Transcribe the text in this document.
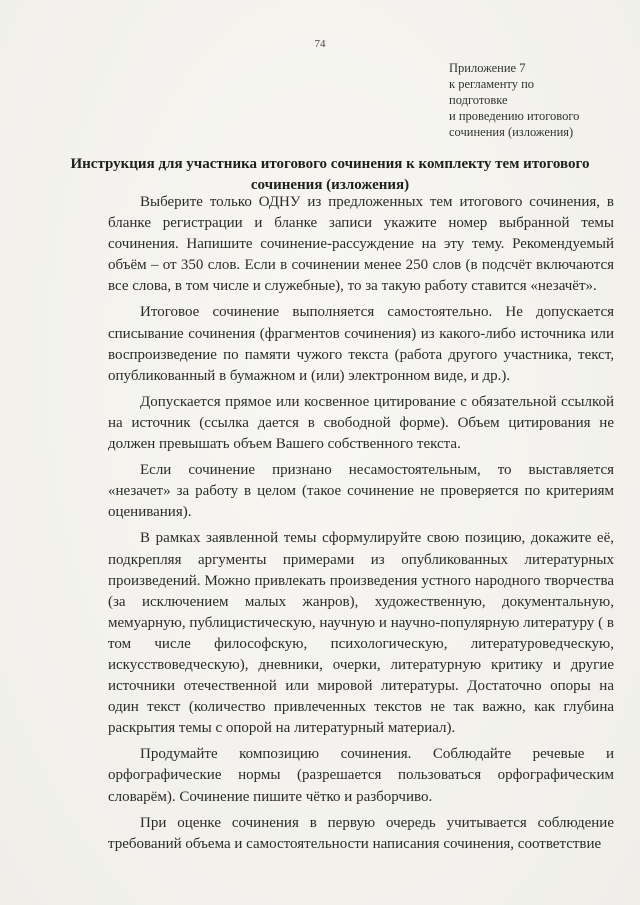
74
Приложение 7
к регламенту по
подготовке
и проведению итогового
сочинения (изложения)
Инструкция для участника итогового сочинения к комплекту тем итогового сочинения (изложения)

Выберите только ОДНУ из предложенных тем итогового сочинения, в бланке регистрации и бланке записи укажите номер выбранной темы сочинения. Напишите сочинение-рассуждение на эту тему. Рекомендуемый объём – от 350 слов. Если в сочинении менее 250 слов (в подсчёт включаются все слова, в том числе и служебные), то за такую работу ставится «незачёт».

Итоговое сочинение выполняется самостоятельно. Не допускается списывание сочинения (фрагментов сочинения) из какого-либо источника или воспроизведение по памяти чужого текста (работа другого участника, текст, опубликованный в бумажном и (или) электронном виде, и др.).

Допускается прямое или косвенное цитирование с обязательной ссылкой на источник (ссылка дается в свободной форме). Объем цитирования не должен превышать объем Вашего собственного текста.

Если сочинение признано несамостоятельным, то выставляется «незачет» за работу в целом (такое сочинение не проверяется по критериям оценивания).

В рамках заявленной темы сформулируйте свою позицию, докажите её, подкрепляя аргументы примерами из опубликованных литературных произведений. Можно привлекать произведения устного народного творчества (за исключением малых жанров), художественную, документальную, мемуарную, публицистическую, научную и научно-популярную литературу ( в том числе философскую, психологическую, литературоведческую, искусствоведческую), дневники, очерки, литературную критику и другие источники отечественной или мировой литературы. Достаточно опоры на один текст (количество привлеченных текстов не так важно, как глубина раскрытия темы с опорой на литературный материал).

Продумайте композицию сочинения. Соблюдайте речевые и орфографические нормы (разрешается пользоваться орфографическим словарём). Сочинение пишите чётко и разборчиво.

При оценке сочинения в первую очередь учитывается соблюдение требований объема и самостоятельности написания сочинения, соответствие
